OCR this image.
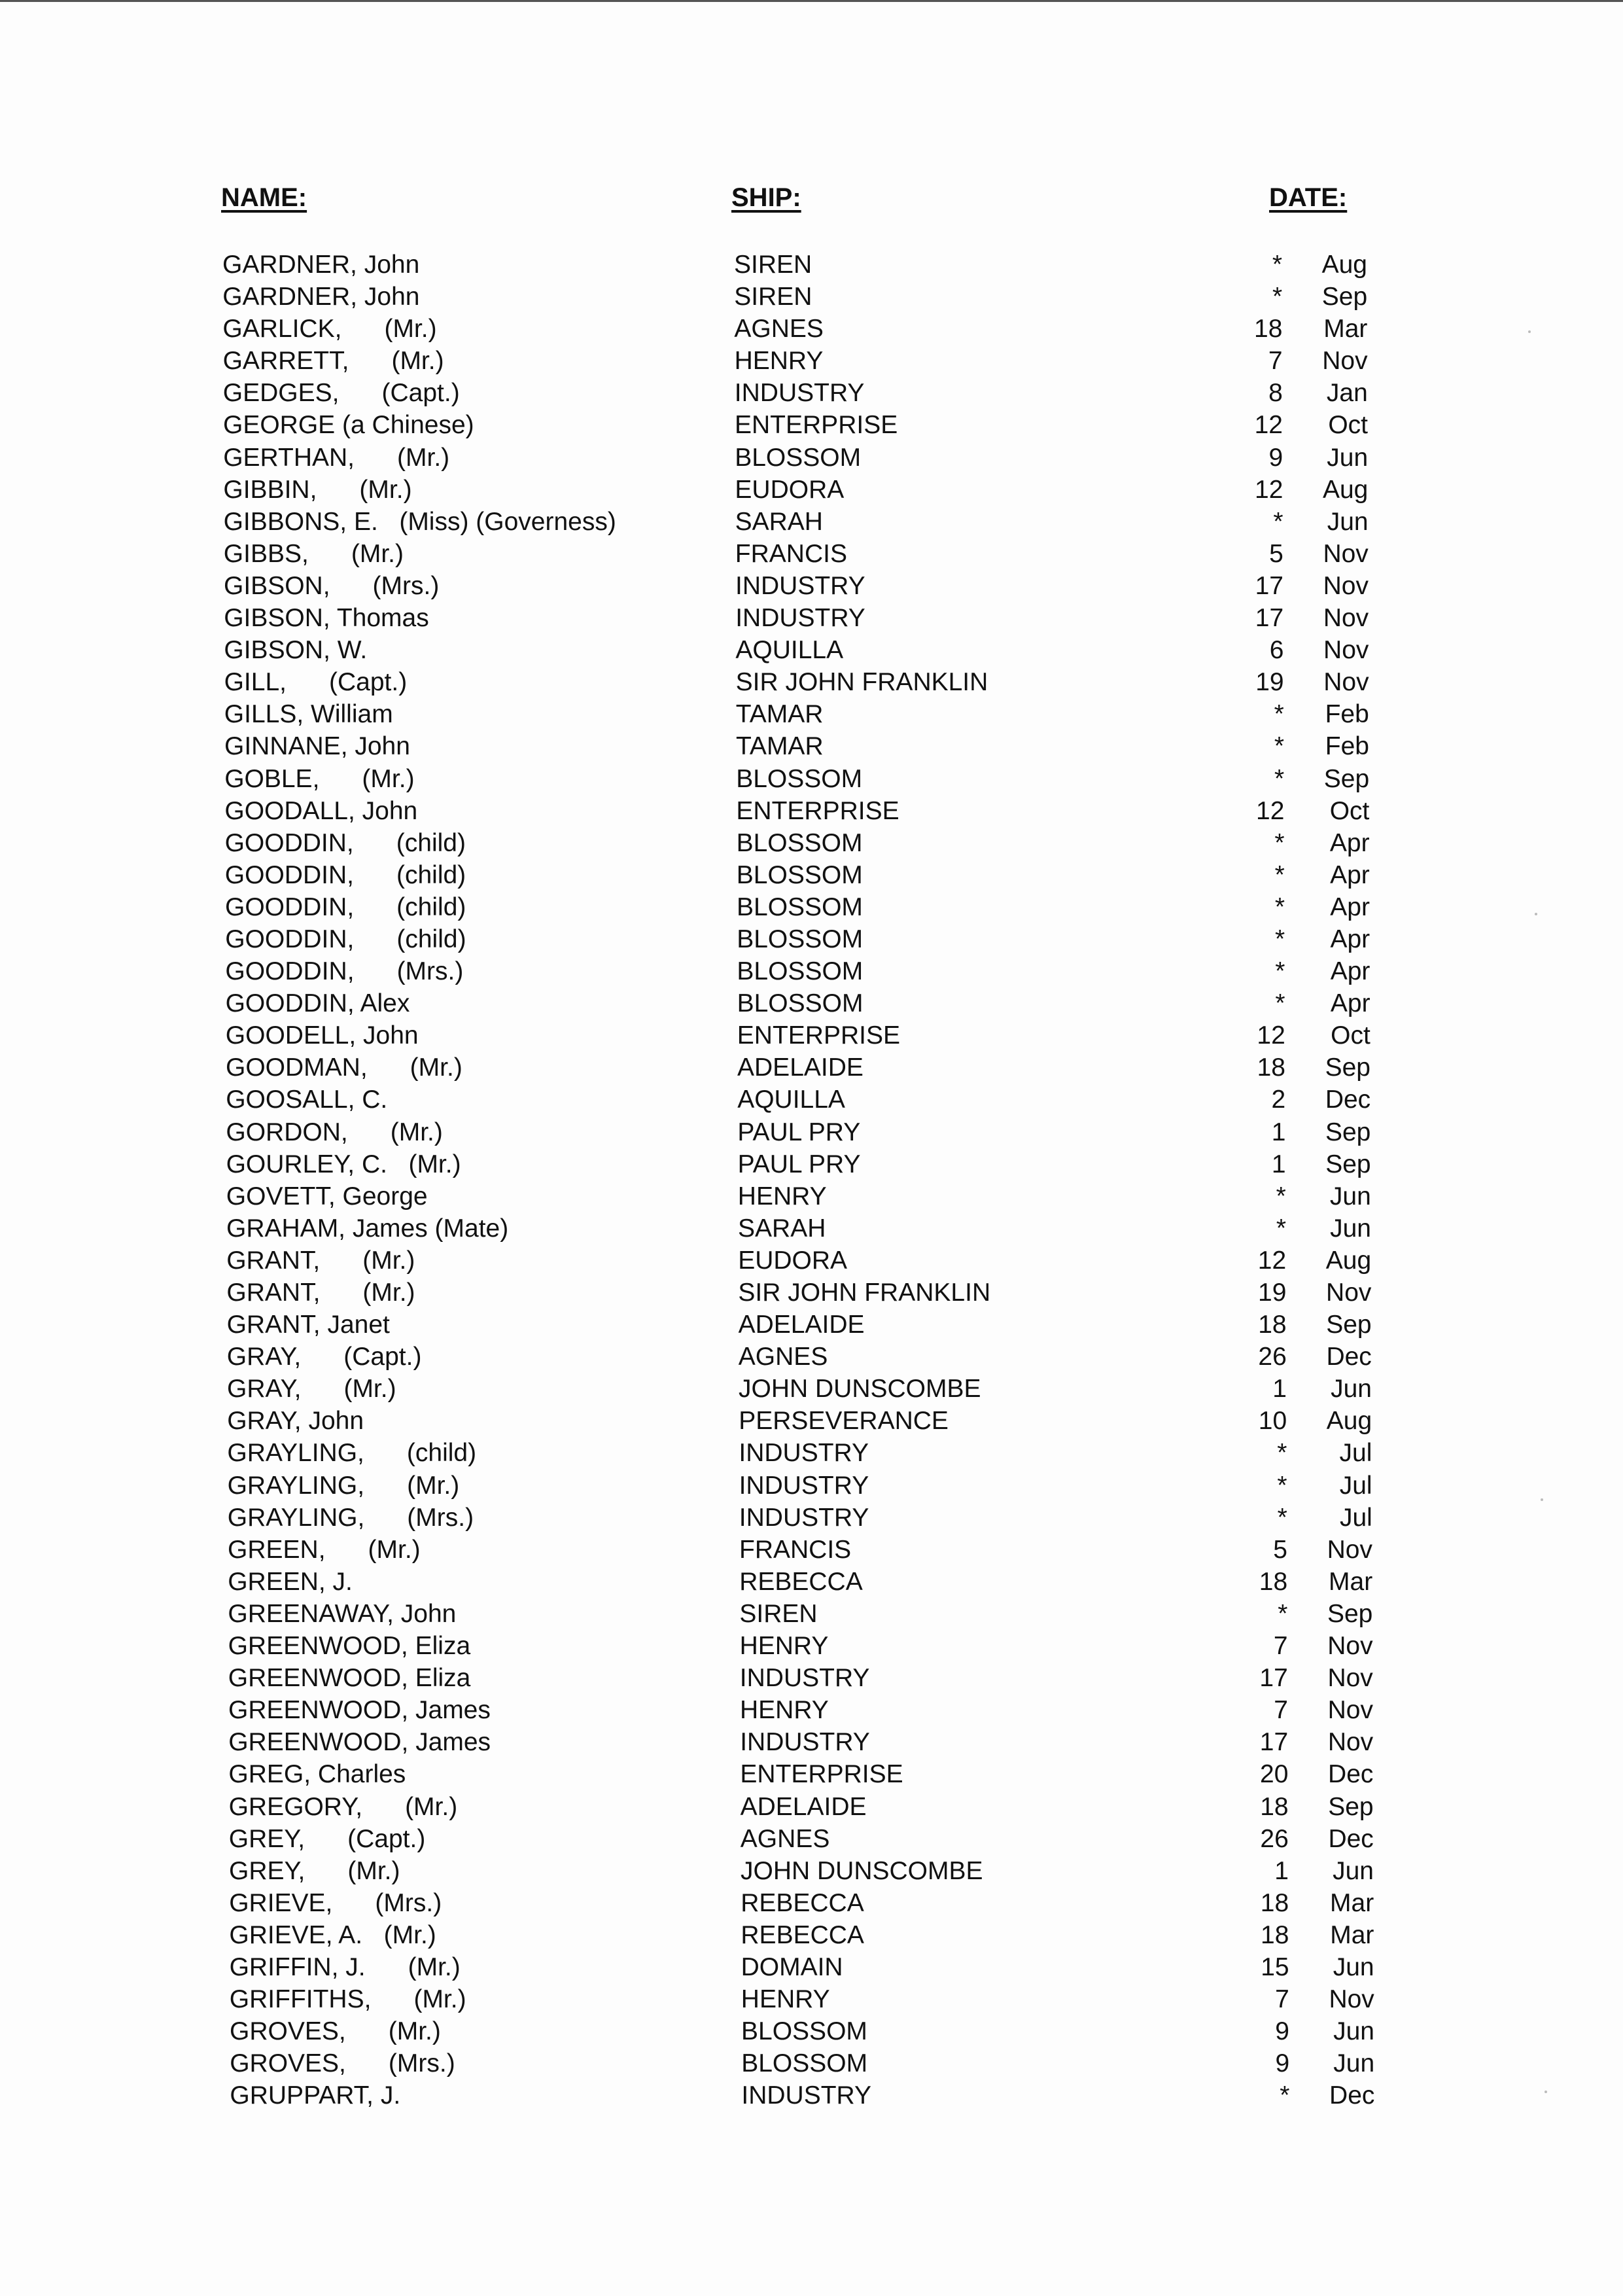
NAME:	SHIP:	DATE:
GARDNER, John	SIREN	*	Aug
GARDNER, John	SIREN	*	Sep
GARLICK,      (Mr.)	AGNES	18	Mar
GARRETT,      (Mr.)	HENRY	7	Nov
GEDGES,      (Capt.)	INDUSTRY	8	Jan
GEORGE (a Chinese)	ENTERPRISE	12	Oct
GERTHAN,      (Mr.)	BLOSSOM	9	Jun
GIBBIN,      (Mr.)	EUDORA	12	Aug
GIBBONS, E.   (Miss) (Governess)	SARAH	*	Jun
GIBBS,      (Mr.)	FRANCIS	5	Nov
GIBSON,      (Mrs.)	INDUSTRY	17	Nov
GIBSON, Thomas	INDUSTRY	17	Nov
GIBSON, W.	AQUILLA	6	Nov
GILL,      (Capt.)	SIR JOHN FRANKLIN	19	Nov
GILLS, William	TAMAR	*	Feb
GINNANE, John	TAMAR	*	Feb
GOBLE,      (Mr.)	BLOSSOM	*	Sep
GOODALL, John	ENTERPRISE	12	Oct
GOODDIN,      (child)	BLOSSOM	*	Apr
GOODDIN,      (child)	BLOSSOM	*	Apr
GOODDIN,      (child)	BLOSSOM	*	Apr
GOODDIN,      (child)	BLOSSOM	*	Apr
GOODDIN,      (Mrs.)	BLOSSOM	*	Apr
GOODDIN, Alex	BLOSSOM	*	Apr
GOODELL, John	ENTERPRISE	12	Oct
GOODMAN,      (Mr.)	ADELAIDE	18	Sep
GOOSALL, C.	AQUILLA	2	Dec
GORDON,      (Mr.)	PAUL PRY	1	Sep
GOURLEY, C.   (Mr.)	PAUL PRY	1	Sep
GOVETT, George	HENRY	*	Jun
GRAHAM, James (Mate)	SARAH	*	Jun
GRANT,      (Mr.)	EUDORA	12	Aug
GRANT,      (Mr.)	SIR JOHN FRANKLIN	19	Nov
GRANT, Janet	ADELAIDE	18	Sep
GRAY,      (Capt.)	AGNES	26	Dec
GRAY,      (Mr.)	JOHN DUNSCOMBE	1	Jun
GRAY, John	PERSEVERANCE	10	Aug
GRAYLING,      (child)	INDUSTRY	*	Jul
GRAYLING,      (Mr.)	INDUSTRY	*	Jul
GRAYLING,      (Mrs.)	INDUSTRY	*	Jul
GREEN,      (Mr.)	FRANCIS	5	Nov
GREEN, J.	REBECCA	18	Mar
GREENAWAY, John	SIREN	*	Sep
GREENWOOD, Eliza	HENRY	7	Nov
GREENWOOD, Eliza	INDUSTRY	17	Nov
GREENWOOD, James	HENRY	7	Nov
GREENWOOD, James	INDUSTRY	17	Nov
GREG, Charles	ENTERPRISE	20	Dec
GREGORY,      (Mr.)	ADELAIDE	18	Sep
GREY,      (Capt.)	AGNES	26	Dec
GREY,      (Mr.)	JOHN DUNSCOMBE	1	Jun
GRIEVE,      (Mrs.)	REBECCA	18	Mar
GRIEVE, A.   (Mr.)	REBECCA	18	Mar
GRIFFIN, J.      (Mr.)	DOMAIN	15	Jun
GRIFFITHS,      (Mr.)	HENRY	7	Nov
GROVES,      (Mr.)	BLOSSOM	9	Jun
GROVES,      (Mrs.)	BLOSSOM	9	Jun
GRUPPART, J.	INDUSTRY	*	Dec
